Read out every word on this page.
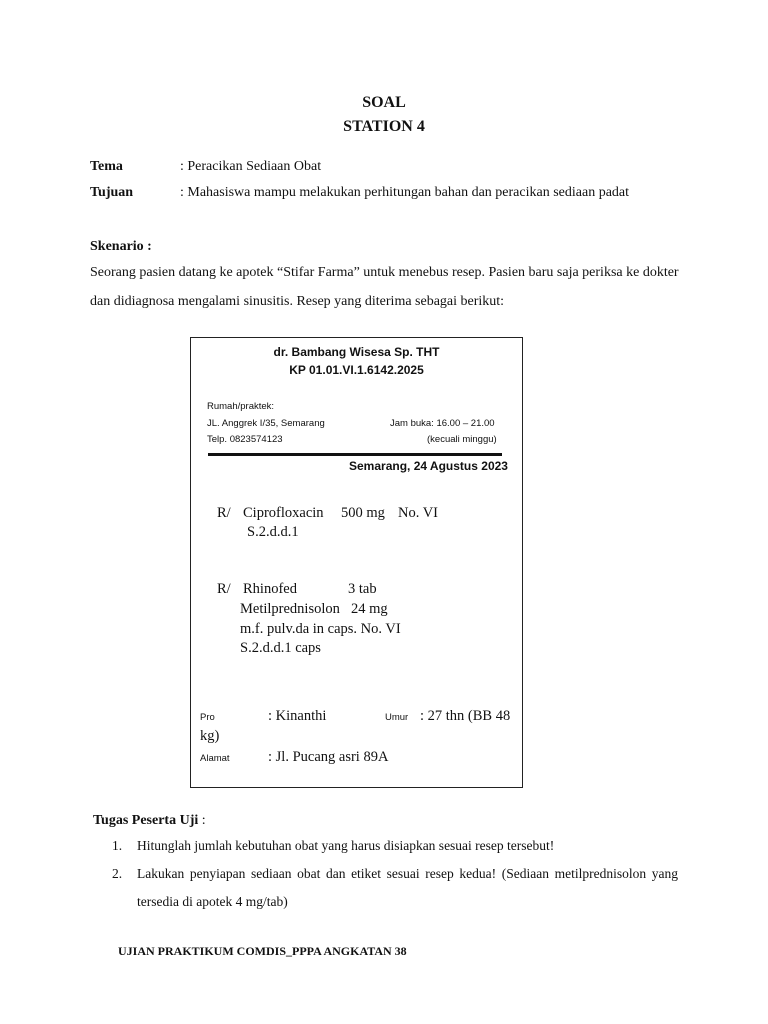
SOAL
STATION 4
Tema	: Peracikan Sediaan Obat
Tujuan	: Mahasiswa mampu melakukan perhitungan bahan dan peracikan sediaan padat
Skenario :
Seorang pasien datang ke apotek “Stifar Farma” untuk menebus resep. Pasien baru saja periksa ke dokter dan didiagnosa mengalami sinusitis. Resep yang diterima sebagai berikut:
dr. Bambang Wisesa Sp. THT
KP 01.01.VI.1.6142.2025
Rumah/praktek:
JL. Anggrek I/35, Semarang
Telp. 0823574123
Jam buka: 16.00 – 21.00
(kecuali minggu)
Semarang, 24 Agustus 2023
R/ Ciprofloxacin 500 mg No. VI
S.2.d.d.1
R/ Rhinofed	3 tab
Metilprednisolon 24 mg
m.f. pulv.da in caps. No. VI
S.2.d.d.1 caps
Pro	: Kinanthi	Umur : 27 thn (BB 48
kg)
Alamat	: Jl. Pucang asri 89A
Tugas Peserta Uji :
1. Hitunglah jumlah kebutuhan obat yang harus disiapkan sesuai resep tersebut!
2. Lakukan penyiapan sediaan obat dan etiket sesuai resep kedua! (Sediaan metilprednisolon yang tersedia di apotek 4 mg/tab)
UJIAN PRAKTIKUM COMDIS_PPPA ANGKATAN 38
